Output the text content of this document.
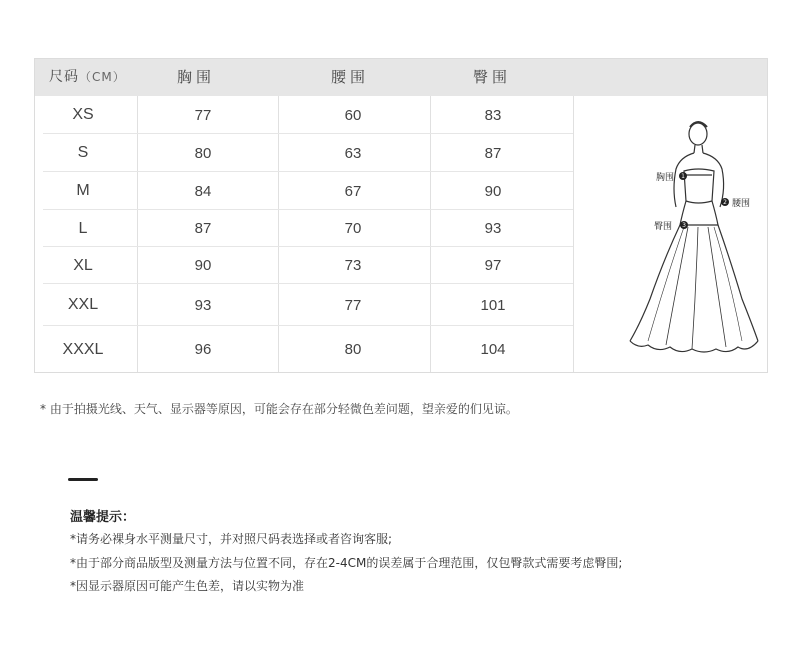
尺码（CM）	胸围	腰围	臀围
XS	77	60	83
S	80	63	87
M	84	67	90
L	87	70	93
XL	90	73	97
XXL	93	77	101
XXXL	96	80	104
1
2
3
胸围
腰围
臀围
* 由于拍摄光线、天气、显示器等原因，可能会存在部分轻微色差问题，望亲爱的们见谅。
温馨提示：
*请务必裸身水平测量尺寸，并对照尺码表选择或者咨询客服;
*由于部分商品版型及测量方法与位置不同，存在2-4CM的误差属于合理范围，仅包臀款式需要考虑臀围;
*因显示器原因可能产生色差，请以实物为准
